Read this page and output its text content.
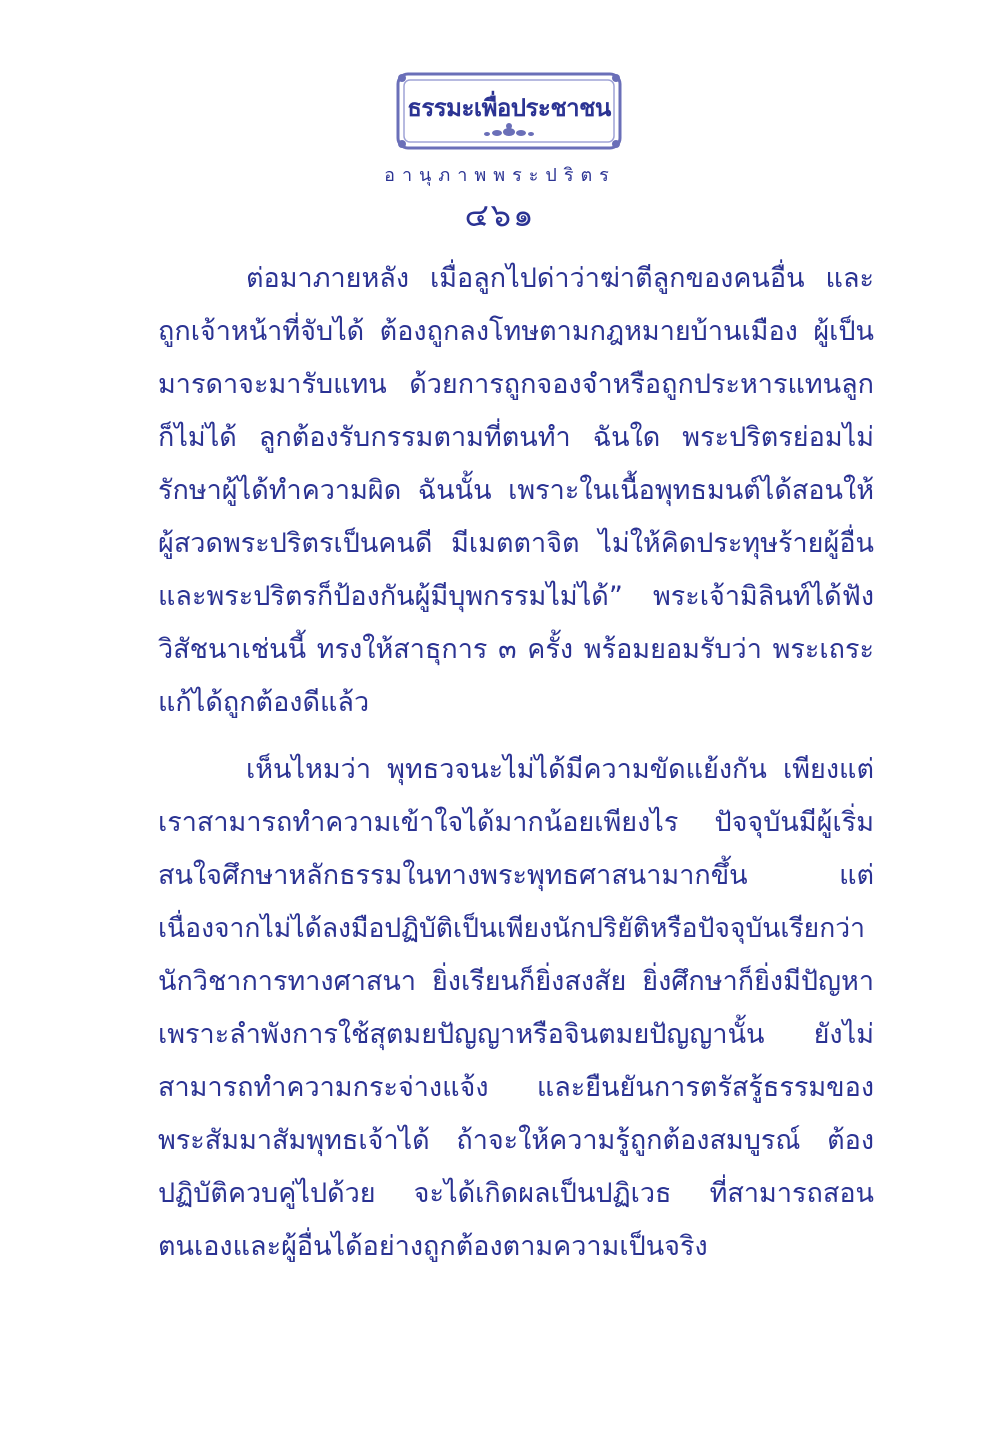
ธรรมะเพื่อประชาชน
อานุภาพพระปริตร
๔๖๑
ต่อมาภายหลัง เมื่อลูกไปด่าว่าฆ่าตีลูกของคนอื่น และ
ถูกเจ้าหน้าที่จับได้ ต้องถูกลงโทษตามกฎหมายบ้านเมือง ผู้เป็น
มารดาจะมารับแทน ด้วยการถูกจองจำหรือถูกประหารแทนลูก
ก็ไม่ได้ ลูกต้องรับกรรมตามที่ตนทำ ฉันใด พระปริตรย่อมไม่
รักษาผู้ได้ทำความผิด ฉันนั้น เพราะในเนื้อพุทธมนต์ได้สอนให้
ผู้สวดพระปริตรเป็นคนดี มีเมตตาจิต ไม่ให้คิดประทุษร้ายผู้อื่น
และพระปริตรก็ป้องกันผู้มีบุพกรรมไม่ได้” พระเจ้ามิลินท์ได้ฟัง
วิสัชนาเช่นนี้ ทรงให้สาธุการ ๓ ครั้ง พร้อมยอมรับว่า พระเถระ
แก้ได้ถูกต้องดีแล้ว
เห็นไหมว่า พุทธวจนะไม่ได้มีความขัดแย้งกัน เพียงแต่
เราสามารถทำความเข้าใจได้มากน้อยเพียงไร ปัจจุบันมีผู้เริ่ม
สนใจศึกษาหลักธรรมในทางพระพุทธศาสนามากขึ้น แต่
เนื่องจากไม่ได้ลงมือปฏิบัติเป็นเพียงนักปริยัติหรือปัจจุบันเรียกว่า
นักวิชาการทางศาสนา ยิ่งเรียนก็ยิ่งสงสัย ยิ่งศึกษาก็ยิ่งมีปัญหา
เพราะลำพังการใช้สุตมยปัญญาหรือจินตมยปัญญานั้น ยังไม่
สามารถทำความกระจ่างแจ้ง และยืนยันการตรัสรู้ธรรมของ
พระสัมมาสัมพุทธเจ้าได้ ถ้าจะให้ความรู้ถูกต้องสมบูรณ์ ต้อง
ปฏิบัติควบคู่ไปด้วย จะได้เกิดผลเป็นปฏิเวธ ที่สามารถสอน
ตนเองและผู้อื่นได้อย่างถูกต้องตามความเป็นจริง
